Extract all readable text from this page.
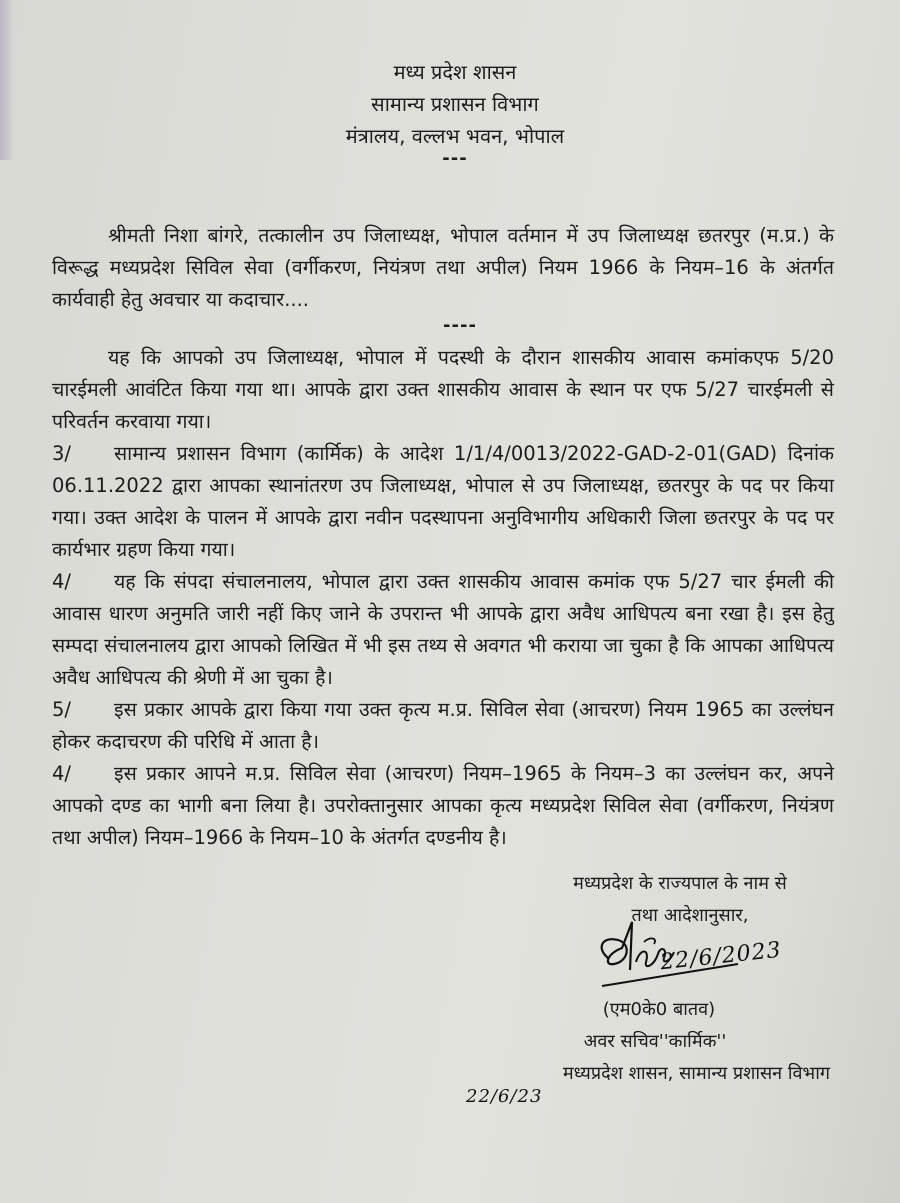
मध्य प्रदेश शासन
सामान्य प्रशासन विभाग
मंत्रालय, वल्लभ भवन, भोपाल
---

श्रीमती निशा बांगरे, तत्कालीन उप जिलाध्यक्ष, भोपाल वर्तमान में उप जिलाध्यक्ष छतरपुर (म.प्र.) के विरूद्ध मध्यप्रदेश सिविल सेवा (वर्गीकरण, नियंत्रण तथा अपील) नियम 1966 के नियम–16 के अंतर्गत कार्यवाही हेतु अवचार या कदाचार....

----

यह कि आपको उप जिलाध्यक्ष, भोपाल में पदस्थी के दौरान शासकीय आवास कमांकएफ 5/20 चारईमली आवंटित किया गया था। आपके द्वारा उक्त शासकीय आवास के स्थान पर एफ 5/27 चारईमली से परिवर्तन करवाया गया।

3/ सामान्य प्रशासन विभाग (कार्मिक) के आदेश 1/1/4/0013/2022-GAD-2-01(GAD) दिनांक 06.11.2022 द्वारा आपका स्थानांतरण उप जिलाध्यक्ष, भोपाल से उप जिलाध्यक्ष, छतरपुर के पद पर किया गया। उक्त आदेश के पालन में आपके द्वारा नवीन पदस्थापना अनुविभागीय अधिकारी जिला छतरपुर के पद पर कार्यभार ग्रहण किया गया।

4/ यह कि संपदा संचालनालय, भोपाल द्वारा उक्त शासकीय आवास कमांक एफ 5/27 चार ईमली की आवास धारण अनुमति जारी नहीं किए जाने के उपरान्त भी आपके द्वारा अवैध आधिपत्य बना रखा है। इस हेतु सम्पदा संचालनालय द्वारा आपको लिखित में भी इस तथ्य से अवगत भी कराया जा चुका है कि आपका आधिपत्य अवैध आधिपत्य की श्रेणी में आ चुका है।

5/ इस प्रकार आपके द्वारा किया गया उक्त कृत्य म.प्र. सिविल सेवा (आचरण) नियम 1965 का उल्लंघन होकर कदाचरण की परिधि में आता है।

4/ इस प्रकार आपने म.प्र. सिविल सेवा (आचरण) नियम–1965 के नियम–3 का उल्लंघन कर, अपने आपको दण्ड का भागी बना लिया है। उपरोक्तानुसार आपका कृत्य मध्यप्रदेश सिविल सेवा (वर्गीकरण, नियंत्रण तथा अपील) नियम–1966 के नियम–10 के अंतर्गत दण्डनीय है।

मध्यप्रदेश के राज्यपाल के नाम से
तथा आदेशानुसार,
22/6/2023
(एम0के0 बातव)
अवर सचिव''कार्मिक''
मध्यप्रदेश शासन, सामान्य प्रशासन विभाग
22/6/23
